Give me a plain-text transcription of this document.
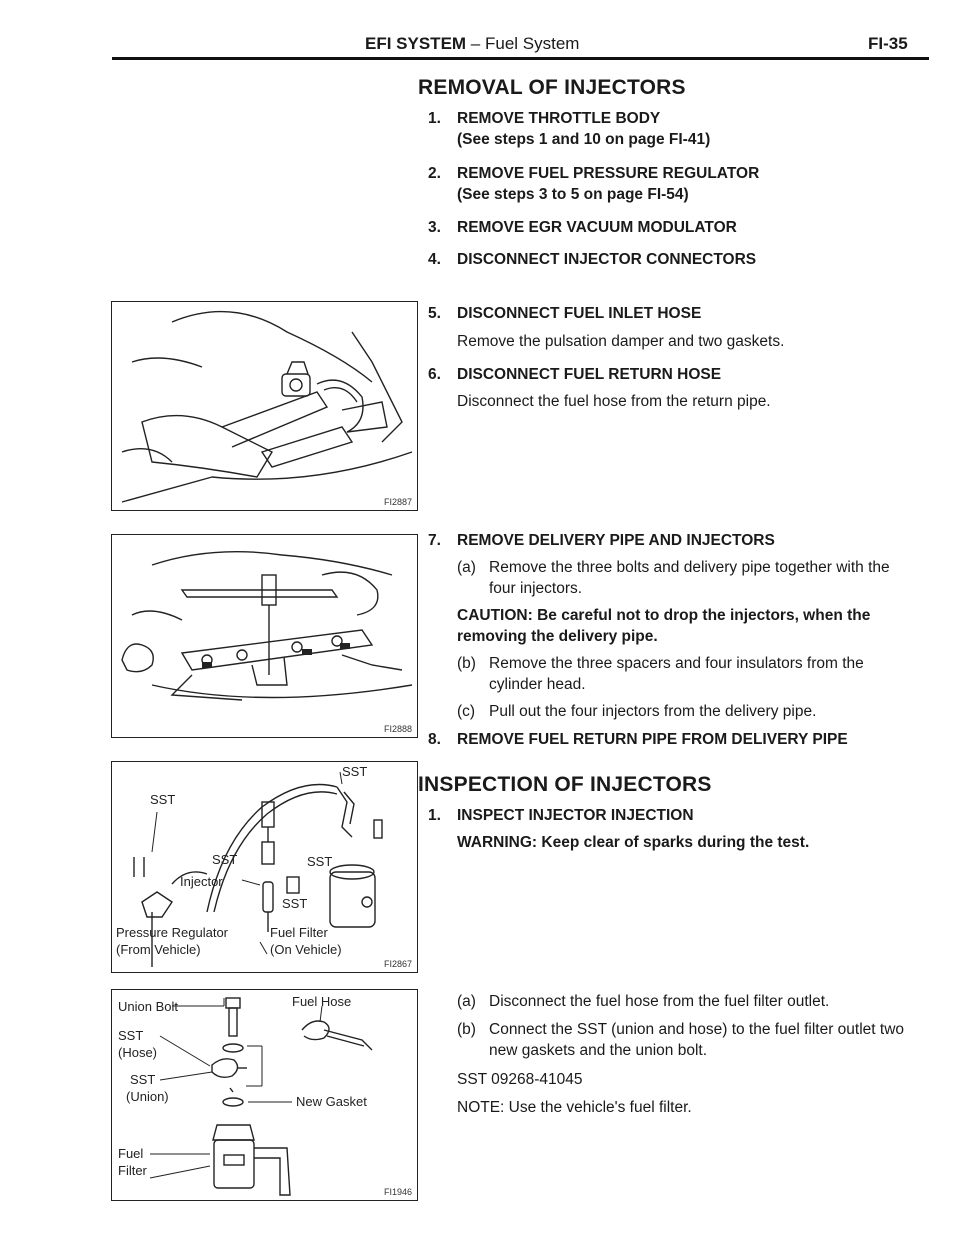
EFI SYSTEM – Fuel System	FI-35
REMOVAL OF INJECTORS
1. REMOVE THROTTLE BODY
(See steps 1 and 10 on page FI-41)
2. REMOVE FUEL PRESSURE REGULATOR
(See steps 3 to 5 on page FI-54)
3. REMOVE EGR VACUUM MODULATOR
4. DISCONNECT INJECTOR CONNECTORS
5. DISCONNECT FUEL INLET HOSE
Remove the pulsation damper and two gaskets.
6. DISCONNECT FUEL RETURN HOSE
Disconnect the fuel hose from the return pipe.
7. REMOVE DELIVERY PIPE AND INJECTORS
(a) Remove the three bolts and delivery pipe together with the four injectors.
CAUTION: Be careful not to drop the injectors, when the removing the delivery pipe.
(b) Remove the three spacers and four insulators from the cylinder head.
(c) Pull out the four injectors from the delivery pipe.
8. REMOVE FUEL RETURN PIPE FROM DELIVERY PIPE
INSPECTION OF INJECTORS
1. INSPECT INJECTOR INJECTION
WARNING: Keep clear of sparks during the test.
(a) Disconnect the fuel hose from the fuel filter outlet.
(b) Connect the SST (union and hose) to the fuel filter outlet two new gaskets and the union bolt.
SST 09268-41045
NOTE: Use the vehicle's fuel filter.
FI2887
FI2888
SST
SST
SST	SST
SST
Injector
Pressure Regulator
(From Vehicle)
Fuel Filter
(On Vehicle)
FI2867
Union Bolt	Fuel Hose
SST
(Hose)
SST
(Union)	New Gasket
Fuel
Filter
FI1946
